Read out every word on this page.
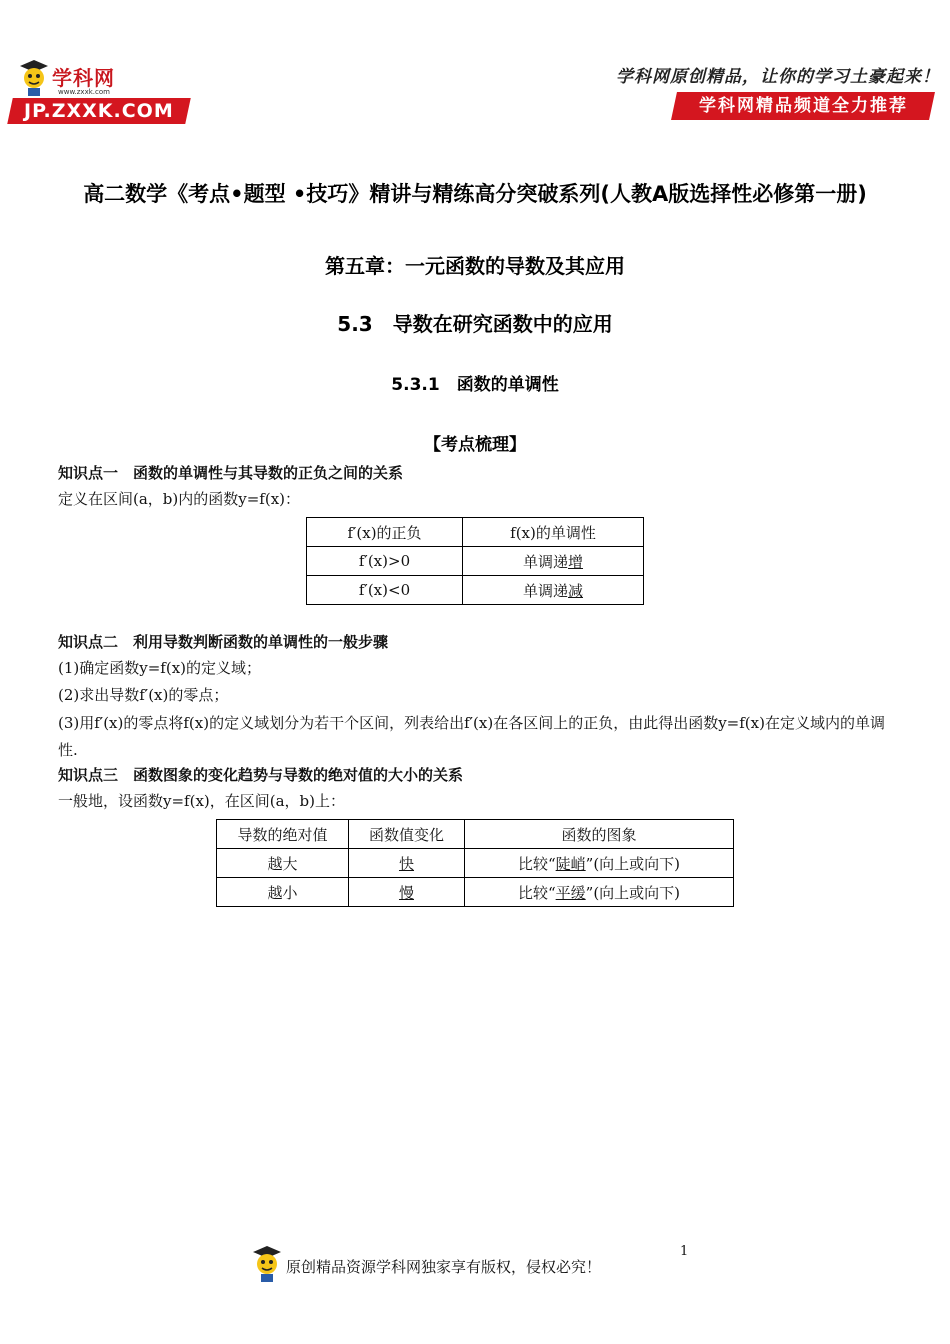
学科网
www.zxxk.com
JP.ZXXK.COM
学科网原创精品，让你的学习土豪起来！
学科网精品频道全力推荐
高二数学《考点•题型 •技巧》精讲与精练高分突破系列(人教A版选择性必修第一册)
第五章：一元函数的导数及其应用
5.3　导数在研究函数中的应用
5.3.1　函数的单调性
【考点梳理】
知识点一　函数的单调性与其导数的正负之间的关系
定义在区间(a，b)内的函数y=f(x)：
f′(x)的正负	f(x)的单调性
f′(x)>0	单调递增
f′(x)<0	单调递减
知识点二　利用导数判断函数的单调性的一般步骤
(1)确定函数y=f(x)的定义域；
(2)求出导数f′(x)的零点；
(3)用f′(x)的零点将f(x)的定义域划分为若干个区间，列表给出f′(x)在各区间上的正负，由此得出函数y=f(x)在定义域内的单调性.
知识点三　函数图象的变化趋势与导数的绝对值的大小的关系
一般地，设函数y=f(x)，在区间(a，b)上：
导数的绝对值	函数值变化	函数的图象
越大	快	比较“陡峭”(向上或向下)
越小	慢	比较“平缓”(向上或向下)
原创精品资源学科网独家享有版权，侵权必究！
1
